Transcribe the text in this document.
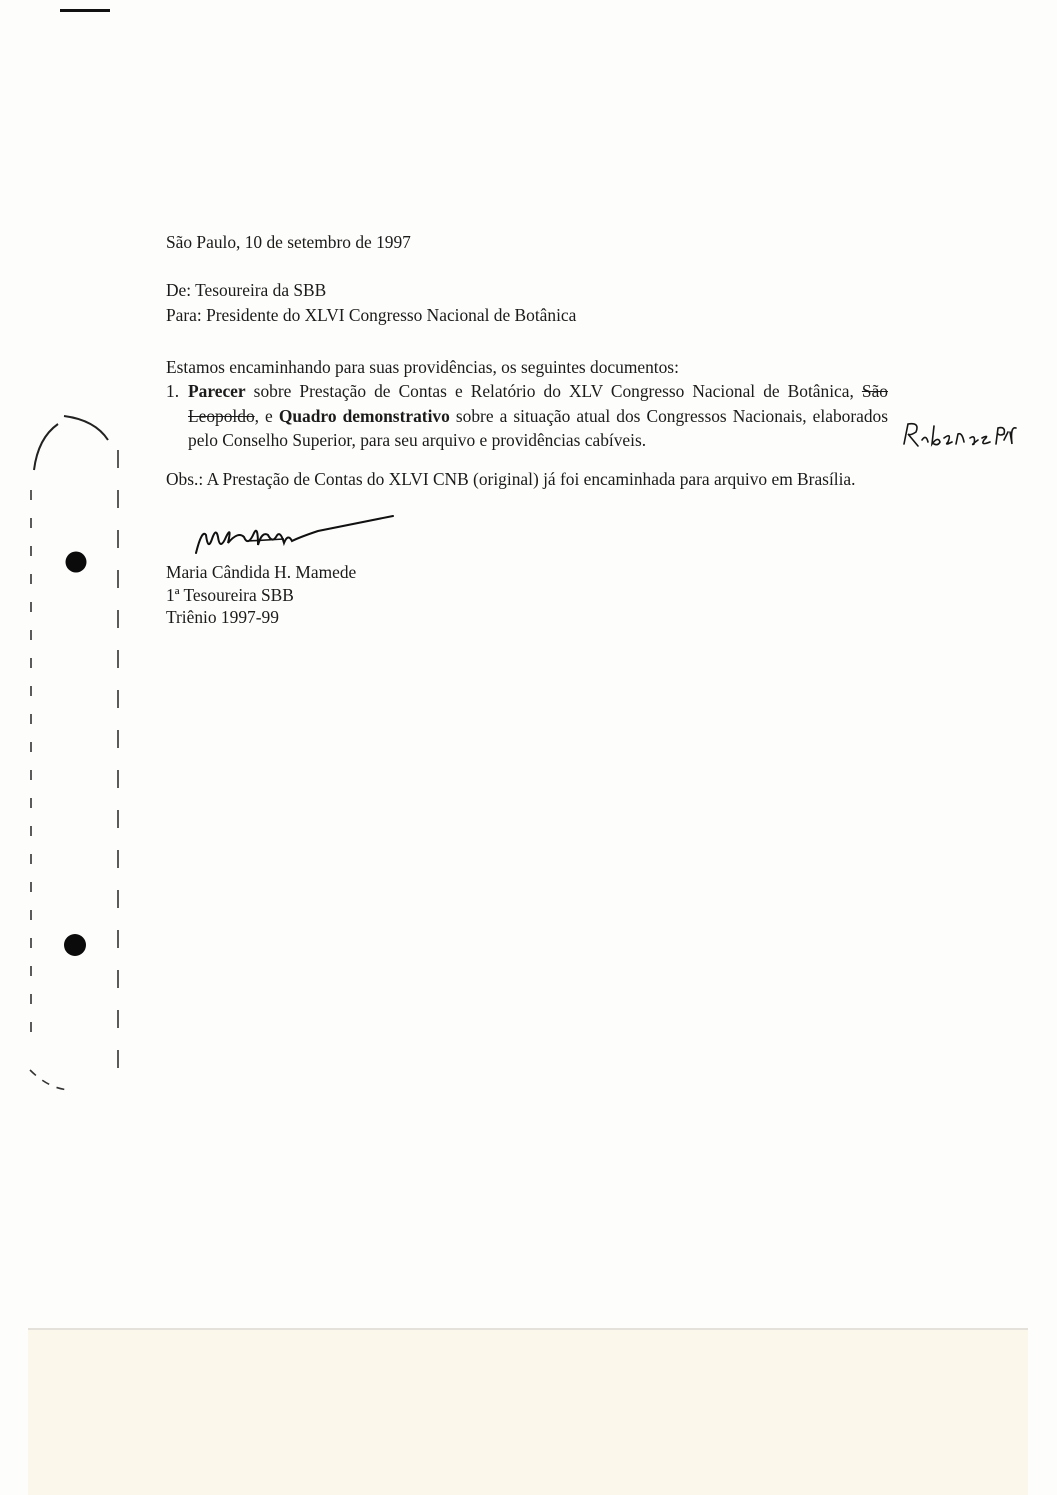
São Paulo, 10 de setembro de 1997
De: Tesoureira da SBB
Para: Presidente do XLVI Congresso Nacional de Botânica
Estamos encaminhando para suas providências, os seguintes documentos:
1. Parecer sobre Prestação de Contas e Relatório do XLV Congresso Nacional de Botânica, São Leopoldo, e Quadro demonstrativo sobre a situação atual dos Congressos Nacionais, elaborados pelo Conselho Superior, para seu arquivo e providências cabíveis.
Obs.: A Prestação de Contas do XLVI CNB (original) já foi encaminhada para arquivo em Brasília.
Maria Cândida H. Mamede
1ª Tesoureira SBB
Triênio 1997-99
